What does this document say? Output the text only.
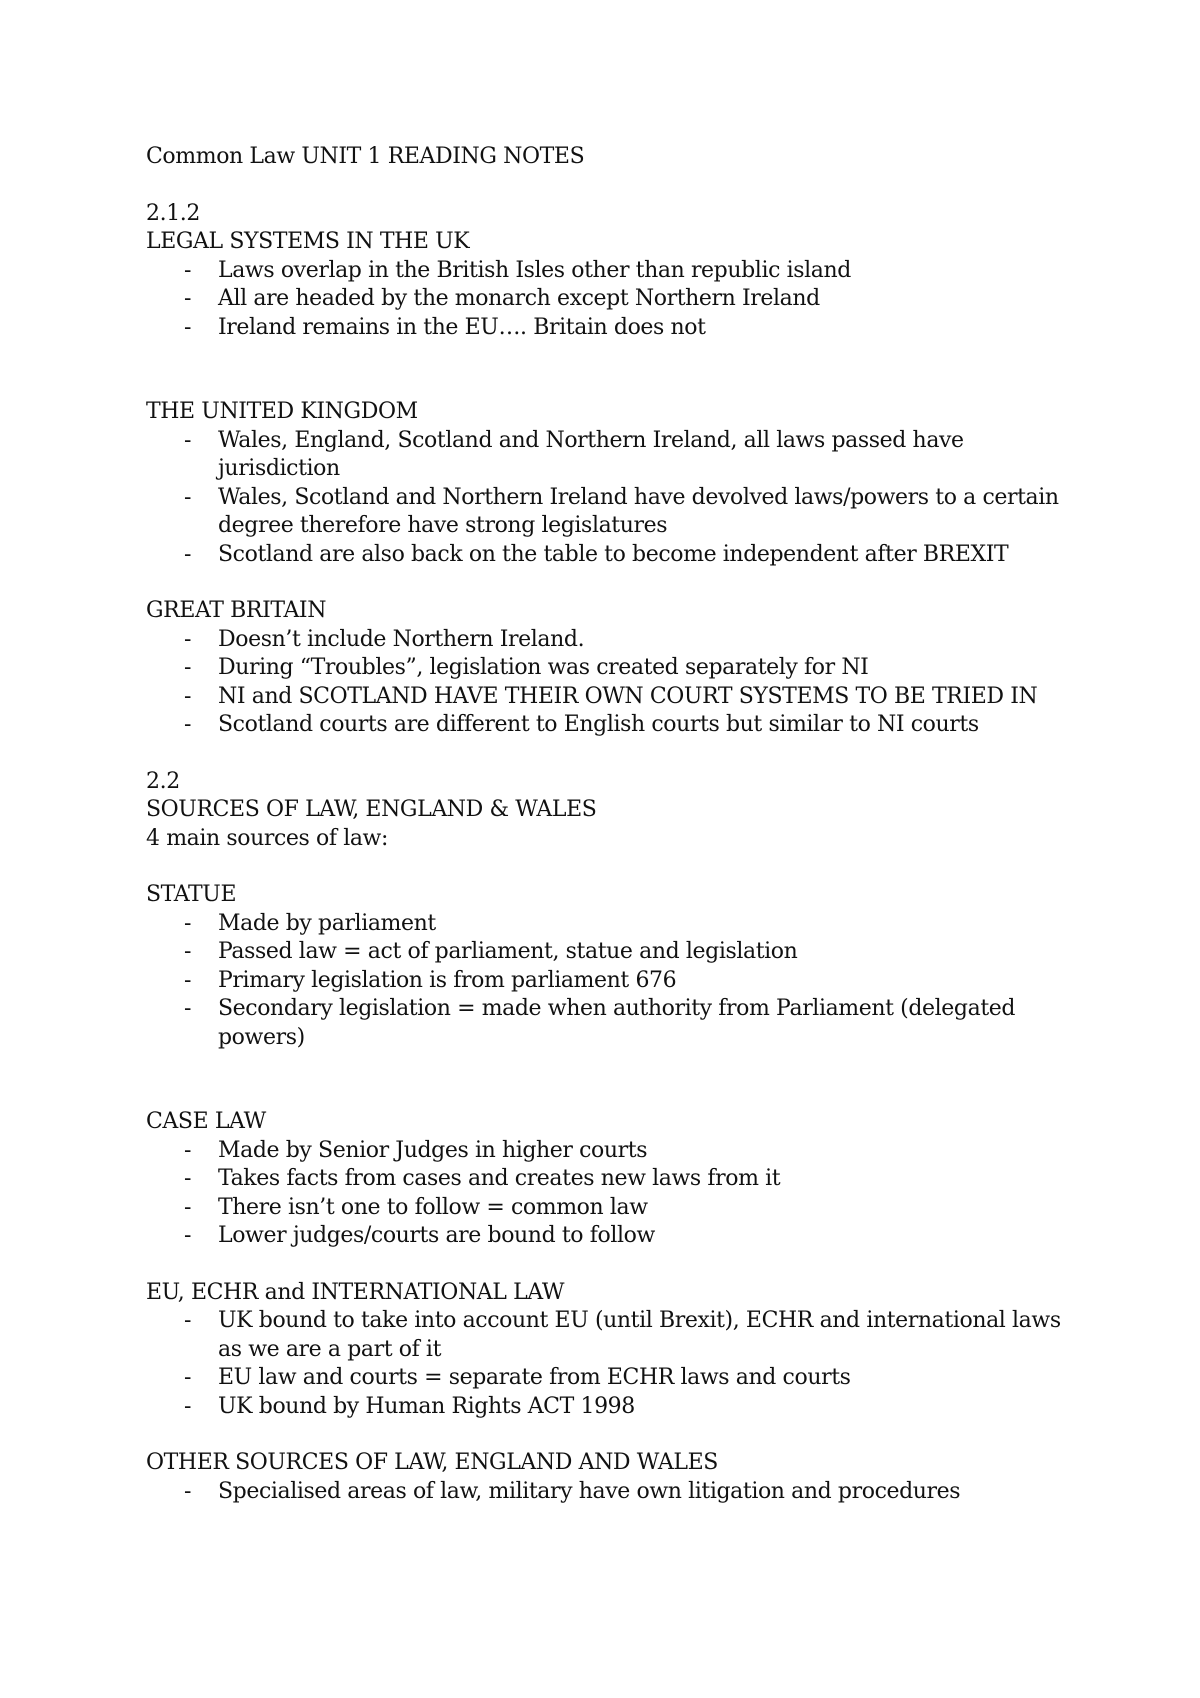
Common Law UNIT 1 READING NOTES
2.1.2
LEGAL SYSTEMS IN THE UK
- Laws overlap in the British Isles other than republic island
- All are headed by the monarch except Northern Ireland
- Ireland remains in the EU…. Britain does not
THE UNITED KINGDOM
- Wales, England, Scotland and Northern Ireland, all laws passed have jurisdiction
- Wales, Scotland and Northern Ireland have devolved laws/powers to a certain degree therefore have strong legislatures
- Scotland are also back on the table to become independent after BREXIT
GREAT BRITAIN
- Doesn’t include Northern Ireland.
- During “Troubles”, legislation was created separately for NI
- NI and SCOTLAND HAVE THEIR OWN COURT SYSTEMS TO BE TRIED IN
- Scotland courts are different to English courts but similar to NI courts
2.2
SOURCES OF LAW, ENGLAND & WALES
4 main sources of law:
STATUE
- Made by parliament
- Passed law = act of parliament, statue and legislation
- Primary legislation is from parliament 676
- Secondary legislation = made when authority from Parliament (delegated powers)
CASE LAW
- Made by Senior Judges in higher courts
- Takes facts from cases and creates new laws from it
- There isn’t one to follow = common law
- Lower judges/courts are bound to follow
EU, ECHR and INTERNATIONAL LAW
- UK bound to take into account EU (until Brexit), ECHR and international laws as we are a part of it
- EU law and courts = separate from ECHR laws and courts
- UK bound by Human Rights ACT 1998
OTHER SOURCES OF LAW, ENGLAND AND WALES
- Specialised areas of law, military have own litigation and procedures
